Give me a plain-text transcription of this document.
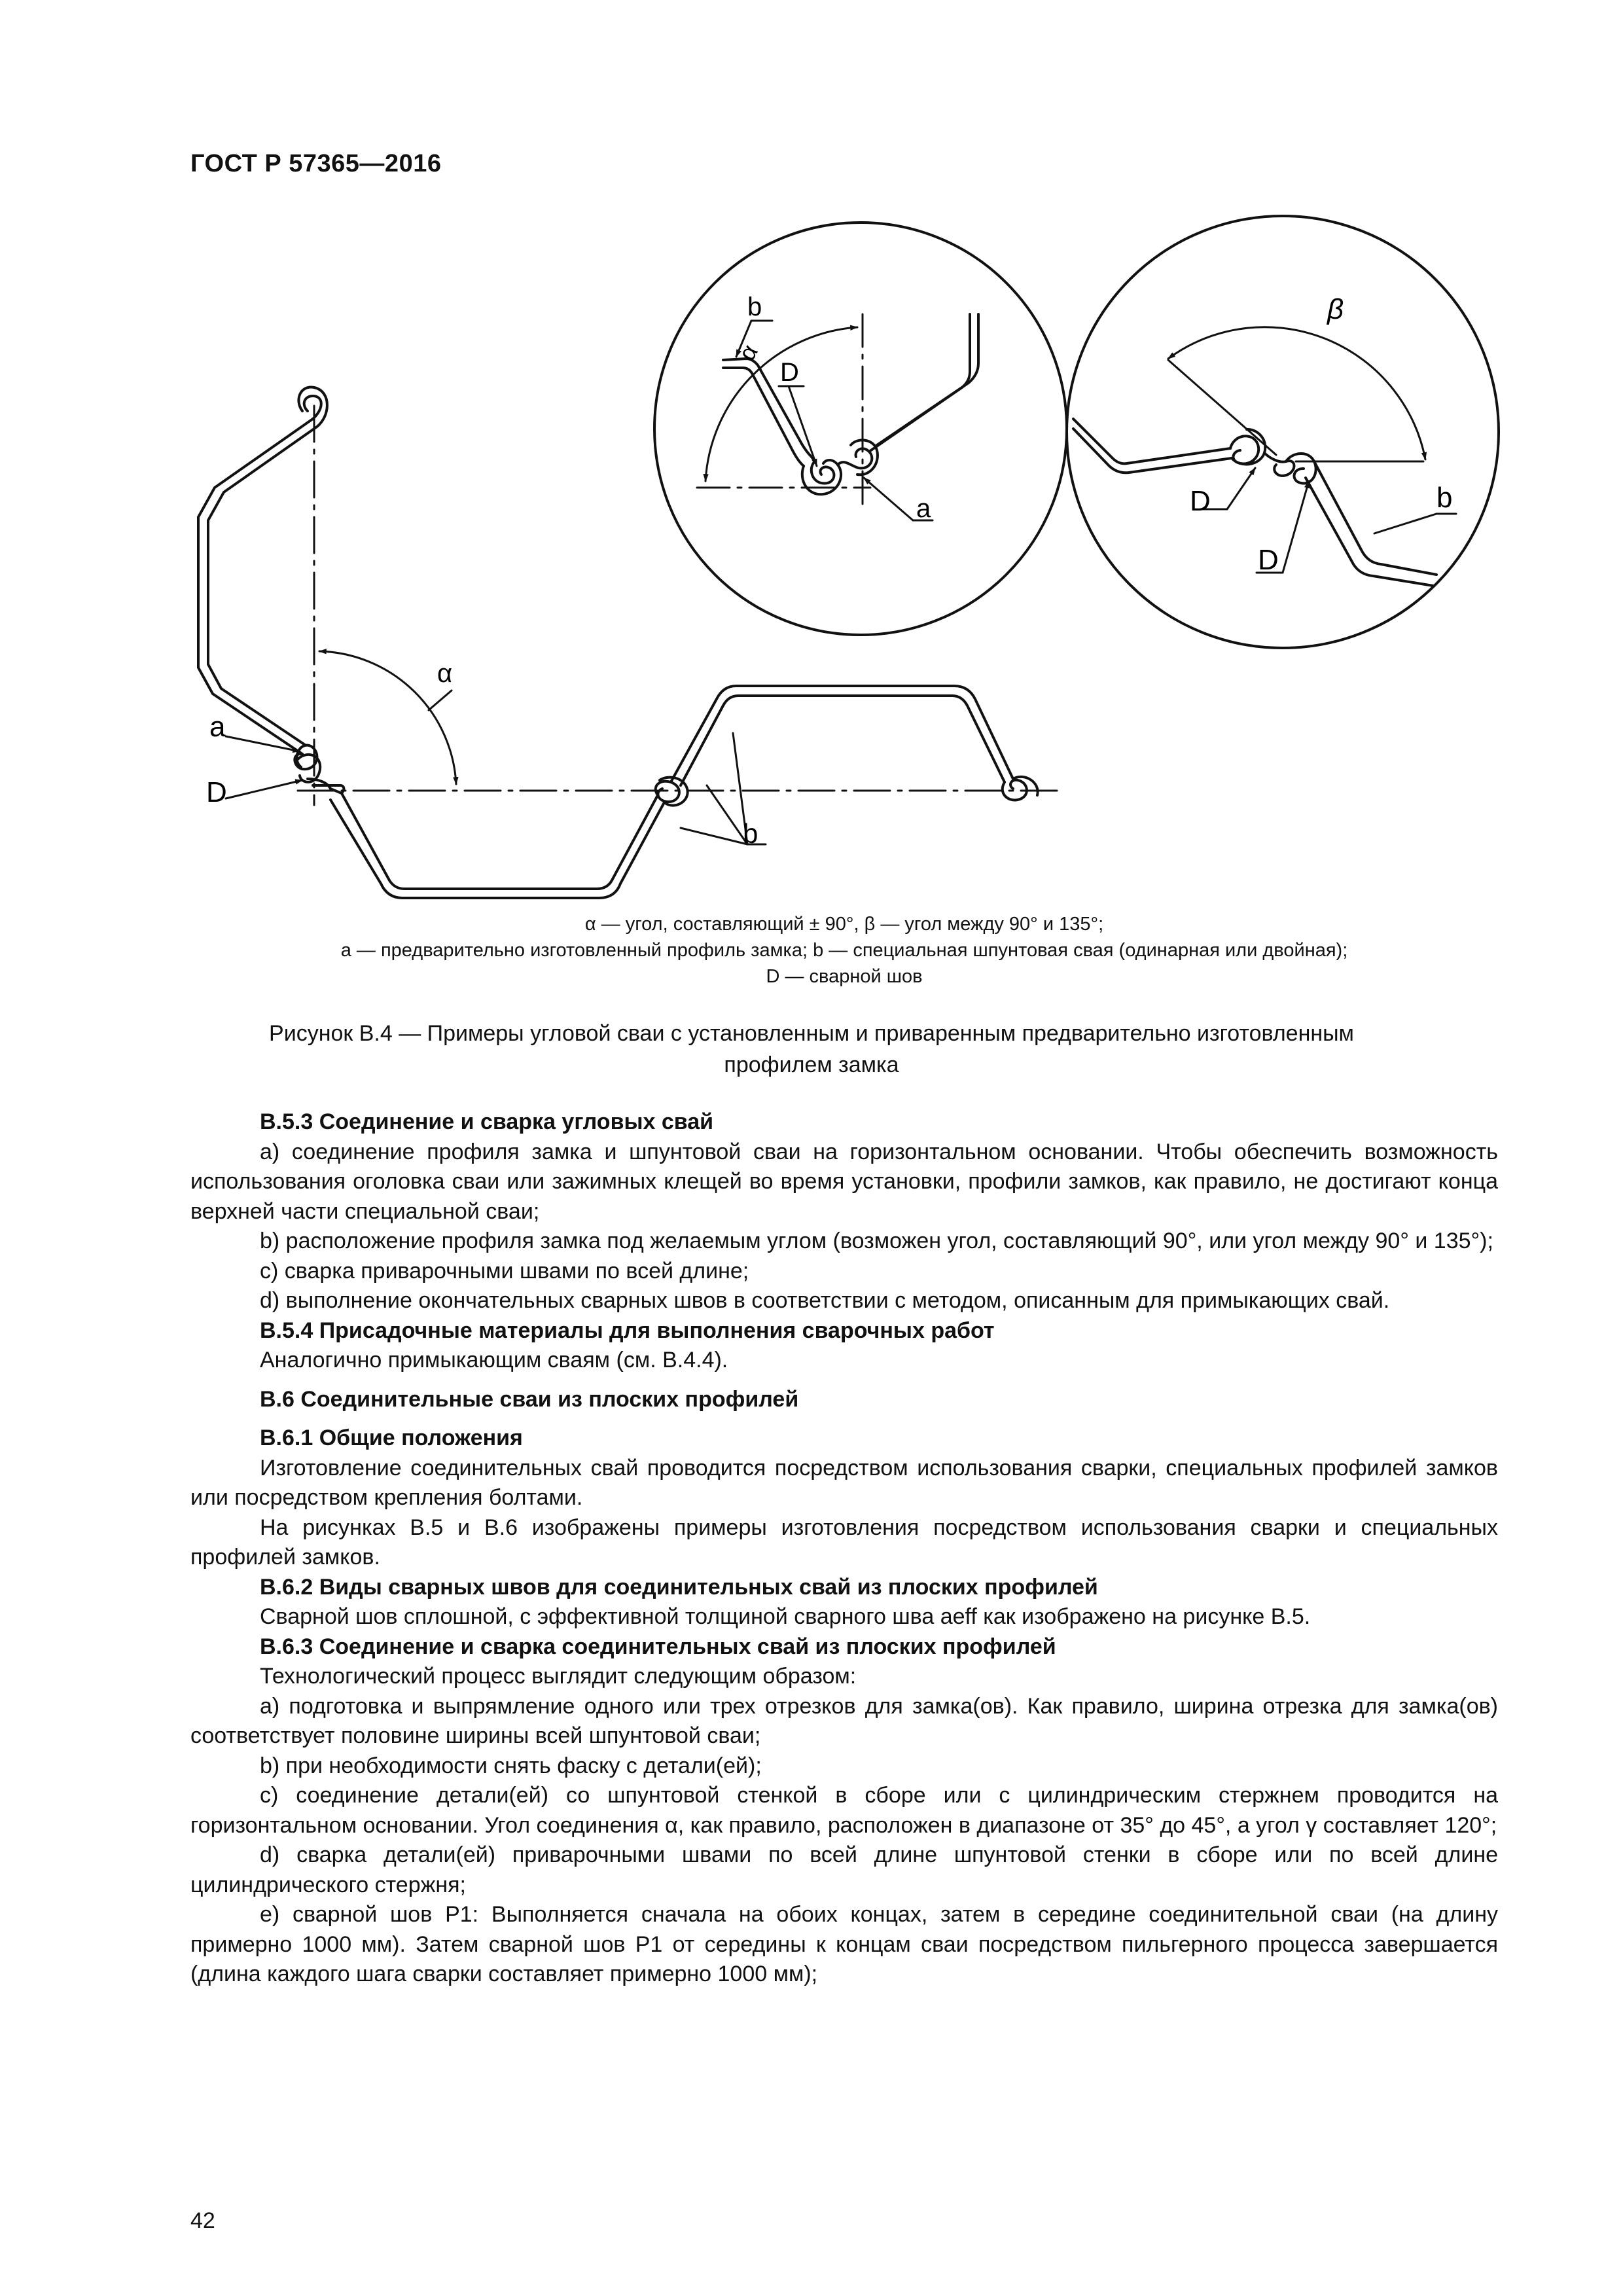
ГОСТ Р 57365—2016
a
D
α
b
b
α
D
a
β
D
D
b
α — угол, составляющий ± 90°, β — угол между 90° и 135°;
а — предварительно изготовленный профиль замка; b — специальная шпунтовая свая (одинарная или двойная);
D — сварной шов
Рисунок В.4 — Примеры угловой сваи с установленным и приваренным предварительно изготовленным профилем замка

В.5.3 Соединение и сварка угловых свай

а) соединение профиля замка и шпунтовой сваи на горизонтальном основании. Чтобы обеспечить возможность использования оголовка сваи или зажимных клещей во время установки, профили замков, как правило, не достигают конца верхней части специальной сваи;

b) расположение профиля замка под желаемым углом (возможен угол, составляющий 90°, или угол между 90° и 135°);

с) сварка приварочными швами по всей длине;

d) выполнение окончательных сварных швов в соответствии с методом, описанным для примыкающих свай.

В.5.4 Присадочные материалы для выполнения сварочных работ

Аналогично примыкающим сваям (см. В.4.4).

В.6 Соединительные сваи из плоских профилей

В.6.1 Общие положения

Изготовление соединительных свай проводится посредством использования сварки, специальных профилей замков или посредством крепления болтами.

На рисунках В.5 и В.6 изображены примеры изготовления посредством использования сварки и специальных профилей замков.

В.6.2 Виды сварных швов для соединительных свай из плоских профилей

Сварной шов сплошной, с эффективной толщиной сварного шва aeff как изображено на рисунке В.5.

В.6.3 Соединение и сварка соединительных свай из плоских профилей

Технологический процесс выглядит следующим образом:

а) подготовка и выпрямление одного или трех отрезков для замка(ов). Как правило, ширина отрезка для замка(ов) соответствует половине ширины всей шпунтовой сваи;

b) при необходимости снять фаску с детали(ей);

с) соединение детали(ей) со шпунтовой стенкой в сборе или с цилиндрическим стержнем проводится на горизонтальном основании. Угол соединения α, как правило, расположен в диапазоне от 35° до 45°, а угол γ составляет 120°;

d) сварка детали(ей) приварочными швами по всей длине шпунтовой стенки в сборе или по всей длине цилиндрического стержня;

е) сварной шов Р1: Выполняется сначала на обоих концах, затем в середине соединительной сваи (на длину примерно 1000 мм). Затем сварной шов Р1 от середины к концам сваи посредством пильгерного процесса завершается (длина каждого шага сварки составляет примерно 1000 мм);

42
